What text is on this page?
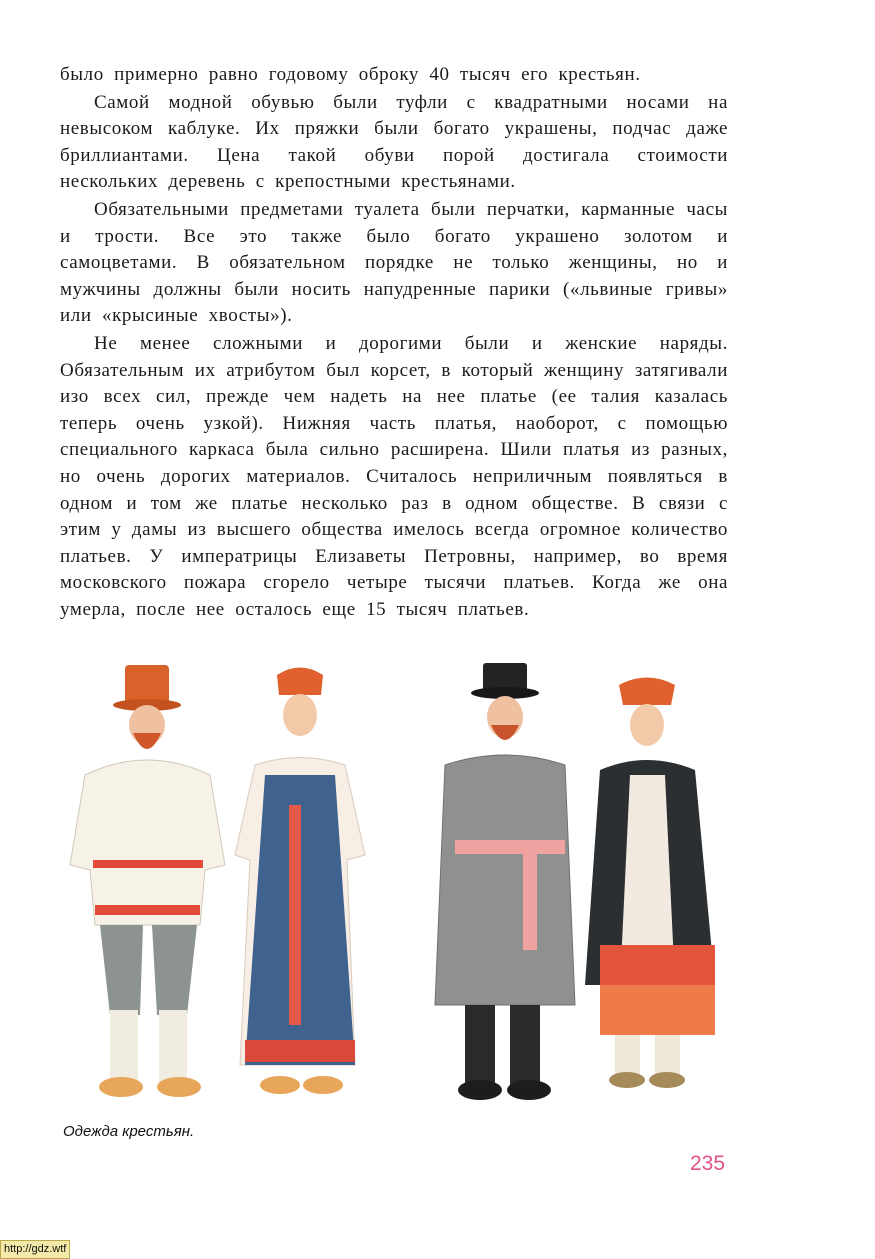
было примерно равно годовому оброку 40 тысяч его крестьян.

Самой модной обувью были туфли с квадратными носами на невысоком каблуке. Их пряжки были богато украшены, подчас даже бриллиантами. Цена такой обуви порой достигала стоимости нескольких деревень с крепостными крестьянами.

Обязательными предметами туалета были перчатки, карманные часы и трости. Все это также было богато украшено золотом и самоцветами. В обязательном порядке не только женщины, но и мужчины должны были носить напудренные парики («львиные гривы» или «крысиные хвосты»).

Не менее сложными и дорогими были и женские наряды. Обязательным их атрибутом был корсет, в который женщину затягивали изо всех сил, прежде чем надеть на нее платье (ее талия казалась теперь очень узкой). Нижняя часть платья, наоборот, с помощью специального каркаса была сильно расширена. Шили платья из разных, но очень дорогих материалов. Считалось неприличным появляться в одном и том же платье несколько раз в одном обществе. В связи с этим у дамы из высшего общества имелось всегда огромное количество платьев. У императрицы Елизаветы Петровны, например, во время московского пожара сгорело четыре тысячи платьев. Когда же она умерла, после нее осталось еще 15 тысяч платьев.

Одежда крестьян.
235
http://gdz.wtf
